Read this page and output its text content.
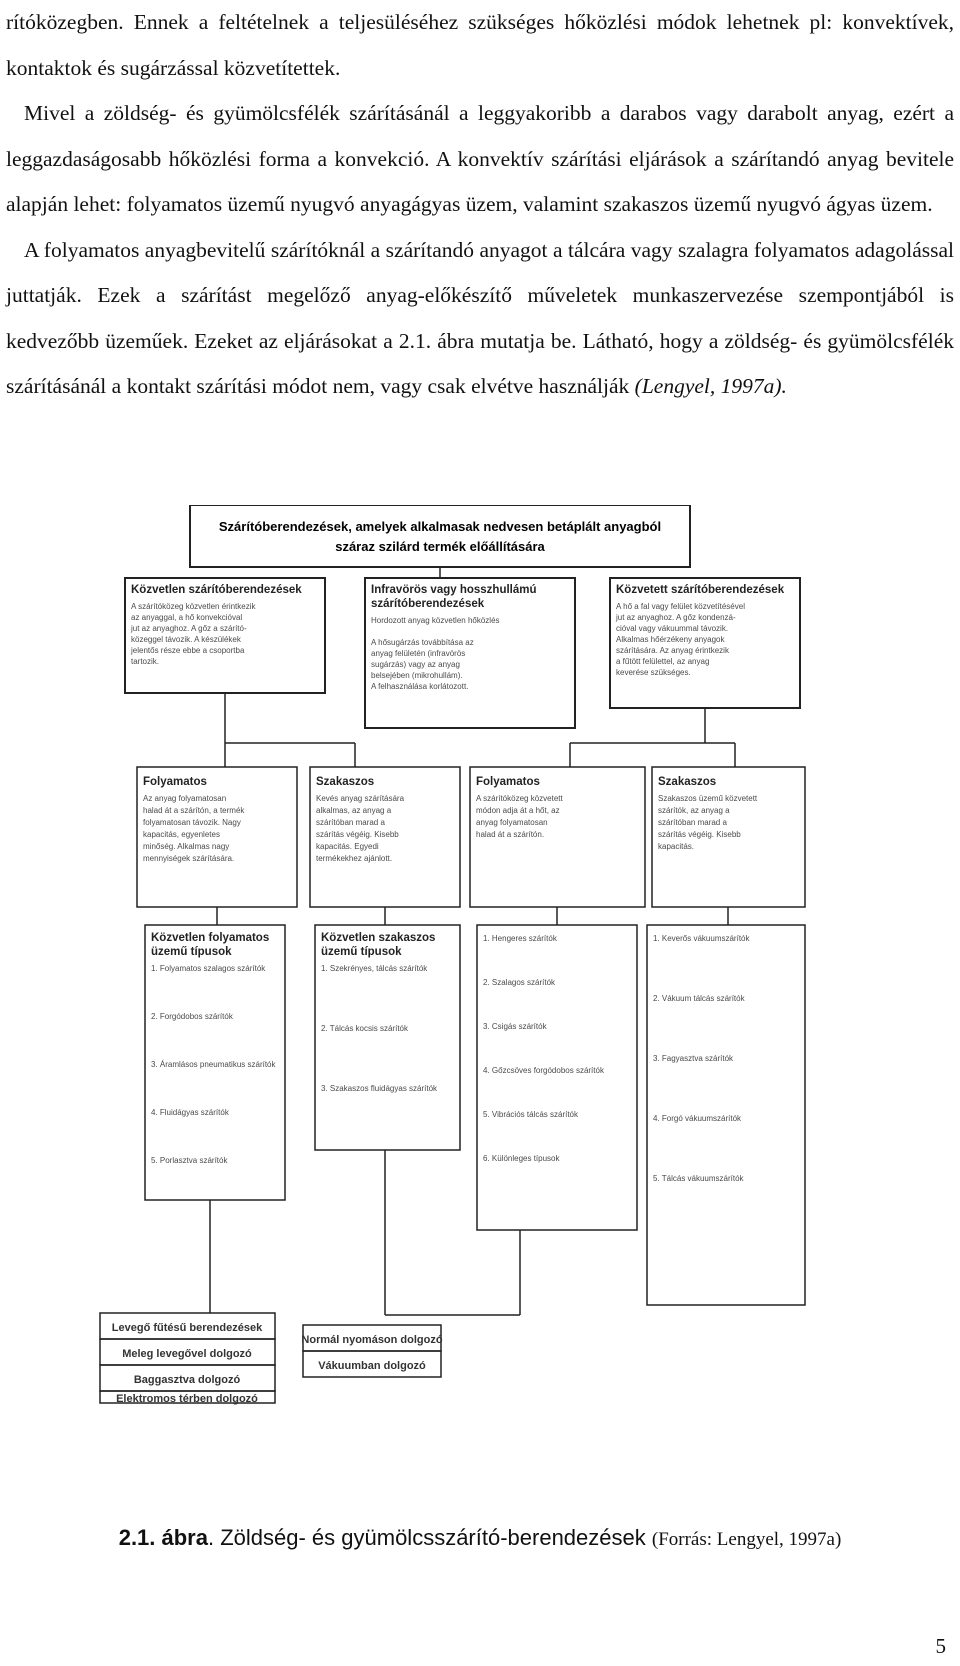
rítóközegben. Ennek a feltételnek a teljesüléséhez szükséges hőközlési módok lehetnek pl: konvektívek, kontaktok és sugárzással közvetítettek.

Mivel a zöldség- és gyümölcsfélék szárításánál a leggyakoribb a darabos vagy darabolt anyag, ezért a leggazdaságosabb hőközlési forma a konvekció. A konvektív szárítási eljárások a szárítandó anyag bevitele alapján lehet: folyamatos üzemű nyugvó anyagágyas üzem, valamint szakaszos üzemű nyugvó ágyas üzem.

A folyamatos anyagbevitelű szárítóknál a szárítandó anyagot a tálcára vagy szalagra folyamatos adagolással juttatják. Ezek a szárítást megelőző anyag-előkészítő műveletek munkaszervezése szempontjából is kedvezőbb üzeműek. Ezeket az eljárásokat a 2.1. ábra mutatja be. Látható, hogy a zöldség- és gyümölcsfélék szárításánál a kontakt szárítási módot nem, vagy csak elvétve használják (Lengyel, 1997a).

Szárítóberendezések, amelyek alkalmasak nedvesen betáplált anyagból
száraz szilárd termék előállítására
Közvetlen szárítóberendezések
A szárítóközeg közvetlen érintkezik
az anyaggal, a hő konvekcióval
jut az anyaghoz. A gőz a szárító-
közeggel távozik. A készülékek
jelentős része ebbe a csoportba
tartozik.
Infravörös vagy hosszhullámú
szárítóberendezések
Hordozott anyag közvetlen hőközlés
A hősugárzás továbbítása az
anyag felületén (infravörös
sugárzás) vagy az anyag
belsejében (mikrohullám).
A felhasználása korlátozott.
Közvetett szárítóberendezések
A hő a fal vagy felület közvetítésével
jut az anyaghoz. A gőz kondenzá-
cióval vagy vákuummal távozik.
Alkalmas hőérzékeny anyagok
szárítására. Az anyag érintkezik
a fűtött felülettel, az anyag
keverése szükséges.
Folyamatos
Az anyag folyamatosan
halad át a szárítón, a termék
folyamatosan távozik. Nagy
kapacitás, egyenletes
minőség. Alkalmas nagy
mennyiségek szárítására.
Szakaszos
Kevés anyag szárítására
alkalmas, az anyag a
szárítóban marad a
szárítás végéig. Kisebb
kapacitás. Egyedi
termékekhez ajánlott.
Folyamatos
A szárítóközeg közvetett
módon adja át a hőt, az
anyag folyamatosan
halad át a szárítón.
Szakaszos
Szakaszos üzemű közvetett
szárítók, az anyag a
szárítóban marad a
szárítás végéig. Kisebb
kapacitás.
Közvetlen folyamatos
üzemű típusok
1. Folyamatos szalagos szárítók
2. Forgódobos szárítók
3. Áramlásos pneumatikus szárítók
4. Fluidágyas szárítók
5. Porlasztva szárítók
Közvetlen szakaszos
üzemű típusok
1. Szekrényes, tálcás szárítók
2. Tálcás kocsis szárítók
3. Szakaszos fluidágyas szárítók
1. Hengeres szárítók
2. Szalagos szárítók
3. Csigás szárítók
4. Gőzcsöves forgódobos szárítók
5. Vibrációs tálcás szárítók
6. Különleges típusok
1. Keverős vákuumszárítók
2. Vákuum tálcás szárítók
3. Fagyasztva szárítók
4. Forgó vákuumszárítók
5. Tálcás vákuumszárítók
Levegő fűtésű berendezések
Meleg levegővel dolgozó
Baggasztva dolgozó
Elektromos térben dolgozó
Normál nyomáson dolgozó
Vákuumban dolgozó
2.1. ábra. Zöldség- és gyümölcsszárító-berendezések (Forrás: Lengyel, 1997a)
5
